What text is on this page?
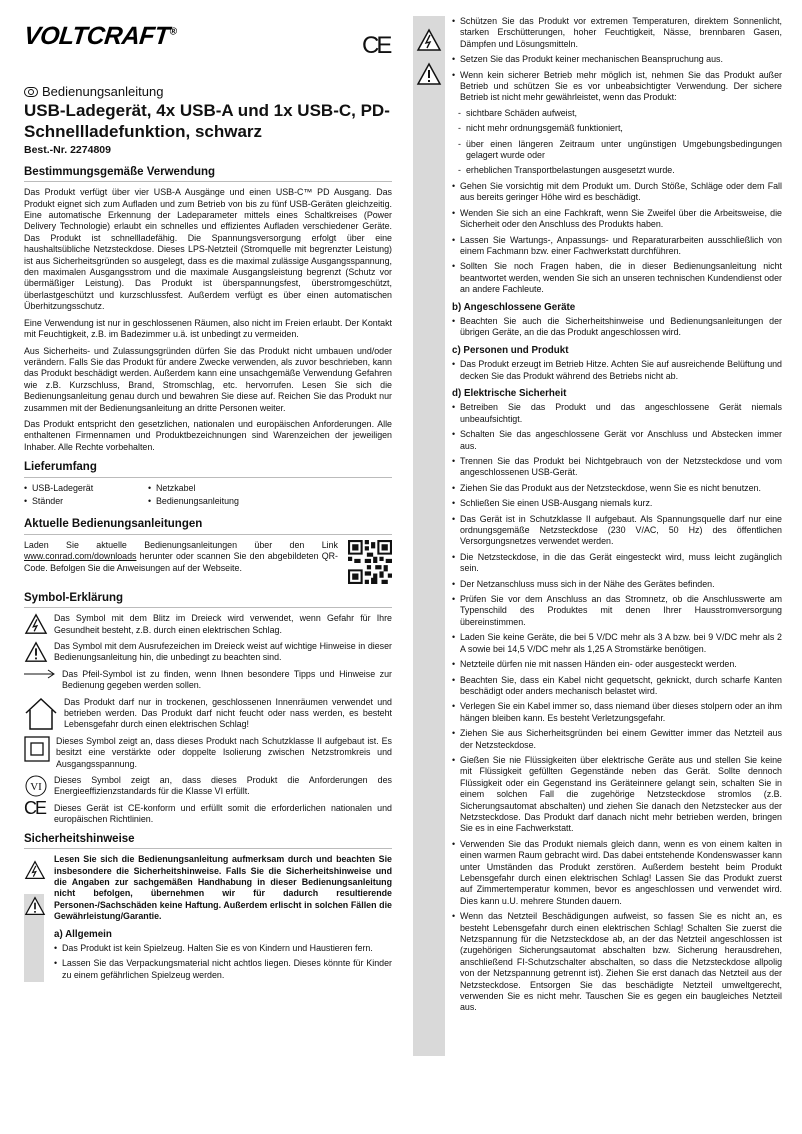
VOLTCRAFT®	CE
Bedienungsanleitung
USB-Ladegerät, 4x USB-A und 1x USB-C, PD-Schnellladefunktion, schwarz
Best.-Nr. 2274809
Bestimmungsgemäße Verwendung

Das Produkt verfügt über vier USB-A Ausgänge und einen USB-C™ PD Ausgang. Das Produkt eignet sich zum Aufladen und zum Betrieb von bis zu fünf USB-Geräten gleichzeitig. Eine automatische Erkennung der Ladeparameter mittels eines Schaltkreises (Power Delivery Technologie) erlaubt ein schnelles und effizientes Aufladen verschiedener Geräte. Das Produkt ist schnellladefähig. Die Spannungsversorgung erfolgt über eine haushaltsübliche Netzsteckdose. Dieses LPS-Netzteil (Stromquelle mit begrenzter Leistung) ist aus Sicherheitsgründen so ausgelegt, dass es die maximal zulässige Ausgangsspannung, den maximalen Ausgangsstrom und die maximale Ausgangsleistung begrenzt (Schutz vor übermäßiger Leistung). Das Produkt ist überspannungsfest, überstromgeschützt, überlastgeschützt und kurzschlussfest. Außerdem verfügt es über einen automatischen Überhitzungsschutz.

Eine Verwendung ist nur in geschlossenen Räumen, also nicht im Freien erlaubt. Der Kontakt mit Feuchtigkeit, z.B. im Badezimmer u.ä. ist unbedingt zu vermeiden.

Aus Sicherheits- und Zulassungsgründen dürfen Sie das Produkt nicht umbauen und/oder verändern. Falls Sie das Produkt für andere Zwecke verwenden, als zuvor beschrieben, kann das Produkt beschädigt werden. Außerdem kann eine unsachgemäße Verwendung Gefahren wie z.B. Kurzschluss, Brand, Stromschlag, etc. hervorrufen. Lesen Sie sich die Bedienungsanleitung genau durch und bewahren Sie diese auf. Reichen Sie das Produkt nur zusammen mit der Bedienungsanleitung an dritte Personen weiter.

Das Produkt entspricht den gesetzlichen, nationalen und europäischen Anforderungen. Alle enthaltenen Firmennamen und Produktbezeichnungen sind Warenzeichen der jeweiligen Inhaber. Alle Rechte vorbehalten.

Lieferumfang
• USB-Ladegerät	• Netzkabel
• Ständer	• Bedienungsanleitung
Aktuelle Bedienungsanleitungen
Laden Sie aktuelle Bedienungsanleitungen über den Link www.conrad.com/downloads herunter oder scannen Sie den abgebildeten QR-Code. Befolgen Sie die Anweisungen auf der Webseite.
Symbol-Erklärung
Das Symbol mit dem Blitz im Dreieck wird verwendet, wenn Gefahr für Ihre Gesundheit besteht, z.B. durch einen elektrischen Schlag.
Das Symbol mit dem Ausrufezeichen im Dreieck weist auf wichtige Hinweise in dieser Bedienungsanleitung hin, die unbedingt zu beachten sind.
Das Pfeil-Symbol ist zu finden, wenn Ihnen besondere Tipps und Hinweise zur Bedienung gegeben werden sollen.
Das Produkt darf nur in trockenen, geschlossenen Innenräumen verwendet und betrieben werden. Das Produkt darf nicht feucht oder nass werden, es besteht Lebensgefahr durch einen elektrischen Schlag!
Dieses Symbol zeigt an, dass dieses Produkt nach Schutzklasse II aufgebaut ist. Es besitzt eine verstärkte oder doppelte Isolierung zwischen Netzstromkreis und Ausgangsspannung.
VI
Dieses Symbol zeigt an, dass dieses Produkt die Anforderungen des Energieeffizienzstandards für die Klasse VI erfüllt.
CE	Dieses Gerät ist CE-konform und erfüllt somit die erforderlichen nationalen und europäischen Richtlinien.
Sicherheitshinweise
Lesen Sie sich die Bedienungsanleitung aufmerksam durch und beachten Sie insbesondere die Sicherheitshinweise. Falls Sie die Sicherheitshinweise und die Angaben zur sachgemäßen Handhabung in dieser Bedienungsanleitung nicht befolgen, übernehmen wir für dadurch resultierende Personen-/Sachschäden keine Haftung. Außerdem erlischt in solchen Fällen die Gewährleistung/Garantie.
a) Allgemein
• Das Produkt ist kein Spielzeug. Halten Sie es von Kindern und Haustieren fern.
• Lassen Sie das Verpackungsmaterial nicht achtlos liegen. Dieses könnte für Kinder zu einem gefährlichen Spielzeug werden.
• Schützen Sie das Produkt vor extremen Temperaturen, direktem Sonnenlicht, starken Erschütterungen, hoher Feuchtigkeit, Nässe, brennbaren Gasen, Dämpfen und Lösungsmitteln.
• Setzen Sie das Produkt keiner mechanischen Beanspruchung aus.
• Wenn kein sicherer Betrieb mehr möglich ist, nehmen Sie das Produkt außer Betrieb und schützen Sie es vor unbeabsichtigter Verwendung. Der sichere Betrieb ist nicht mehr gewährleistet, wenn das Produkt:
- sichtbare Schäden aufweist,
- nicht mehr ordnungsgemäß funktioniert,
- über einen längeren Zeitraum unter ungünstigen Umgebungsbedingungen gelagert wurde oder
- erheblichen Transportbelastungen ausgesetzt wurde.
• Gehen Sie vorsichtig mit dem Produkt um. Durch Stöße, Schläge oder dem Fall aus bereits geringer Höhe wird es beschädigt.
• Wenden Sie sich an eine Fachkraft, wenn Sie Zweifel über die Arbeitsweise, die Sicherheit oder den Anschluss des Produkts haben.
• Lassen Sie Wartungs-, Anpassungs- und Reparaturarbeiten ausschließlich von einem Fachmann bzw. einer Fachwerkstatt durchführen.
• Sollten Sie noch Fragen haben, die in dieser Bedienungsanleitung nicht beantwortet werden, wenden Sie sich an unseren technischen Kundendienst oder an andere Fachleute.
b) Angeschlossene Geräte
• Beachten Sie auch die Sicherheitshinweise und Bedienungsanleitungen der übrigen Geräte, an die das Produkt angeschlossen wird.
c) Personen und Produkt
• Das Produkt erzeugt im Betrieb Hitze. Achten Sie auf ausreichende Belüftung und decken Sie das Produkt während des Betriebs nicht ab.
d) Elektrische Sicherheit
• Betreiben Sie das Produkt und das angeschlossene Gerät niemals unbeaufsichtigt.
• Schalten Sie das angeschlossene Gerät vor Anschluss und Abstecken immer aus.
• Trennen Sie das Produkt bei Nichtgebrauch von der Netzsteckdose und vom angeschlossenen USB-Gerät.
• Ziehen Sie das Produkt aus der Netzsteckdose, wenn Sie es nicht benutzen.
• Schließen Sie einen USB-Ausgang niemals kurz.
• Das Gerät ist in Schutzklasse II aufgebaut. Als Spannungsquelle darf nur eine ordnungsgemäße Netzsteckdose (230 V/AC, 50 Hz) des öffentlichen Versorgungsnetzes verwendet werden.
• Die Netzsteckdose, in die das Gerät eingesteckt wird, muss leicht zugänglich sein.
• Der Netzanschluss muss sich in der Nähe des Gerätes befinden.
• Prüfen Sie vor dem Anschluss an das Stromnetz, ob die Anschlusswerte am Typenschild des Produktes mit denen Ihrer Hausstromversorgung übereinstimmen.
• Laden Sie keine Geräte, die bei 5 V/DC mehr als 3 A bzw. bei 9 V/DC mehr als 2 A sowie bei 14,5 V/DC mehr als 1,25 A Stromstärke benötigen.
• Netzteile dürfen nie mit nassen Händen ein- oder ausgesteckt werden.
• Beachten Sie, dass ein Kabel nicht gequetscht, geknickt, durch scharfe Kanten beschädigt oder anders mechanisch belastet wird.
• Verlegen Sie ein Kabel immer so, dass niemand über dieses stolpern oder an ihm hängen bleiben kann. Es besteht Verletzungsgefahr.
• Ziehen Sie aus Sicherheitsgründen bei einem Gewitter immer das Netzteil aus der Netzsteckdose.
• Gießen Sie nie Flüssigkeiten über elektrische Geräte aus und stellen Sie keine mit Flüssigkeit gefüllten Gegenstände neben das Gerät. Sollte dennoch Flüssigkeit oder ein Gegenstand ins Geräteinnere gelangt sein, schalten Sie in einem solchen Fall die zugehörige Netzsteckdose stromlos (z.B. Sicherungsautomat abschalten) und ziehen Sie danach den Netzstecker aus der Netzsteckdose. Das Produkt darf danach nicht mehr betrieben werden, bringen Sie es in eine Fachwerkstatt.
• Verwenden Sie das Produkt niemals gleich dann, wenn es von einem kalten in einen warmen Raum gebracht wird. Das dabei entstehende Kondenswasser kann unter Umständen das Produkt zerstören. Außerdem besteht beim Produkt Lebensgefahr durch einen elektrischen Schlag! Lassen Sie das Produkt zuerst auf Zimmertemperatur kommen, bevor es angeschlossen und verwendet wird. Dies kann u.U. mehrere Stunden dauern.
• Wenn das Netzteil Beschädigungen aufweist, so fassen Sie es nicht an, es besteht Lebensgefahr durch einen elektrischen Schlag! Schalten Sie zuerst die Netzspannung für die Netzsteckdose ab, an der das Netzteil angeschlossen ist (zugehörigen Sicherungsautomat abschalten bzw. Sicherung herausdrehen, anschließend FI-Schutzschalter abschalten, so dass die Netzsteckdose allpolig von der Netzspannung getrennt ist). Ziehen Sie erst danach das Netzteil aus der Netzsteckdose. Entsorgen Sie das beschädigte Netzteil umweltgerecht, verwenden Sie es nicht mehr. Tauschen Sie es gegen ein baugleiches Netzteil aus.
